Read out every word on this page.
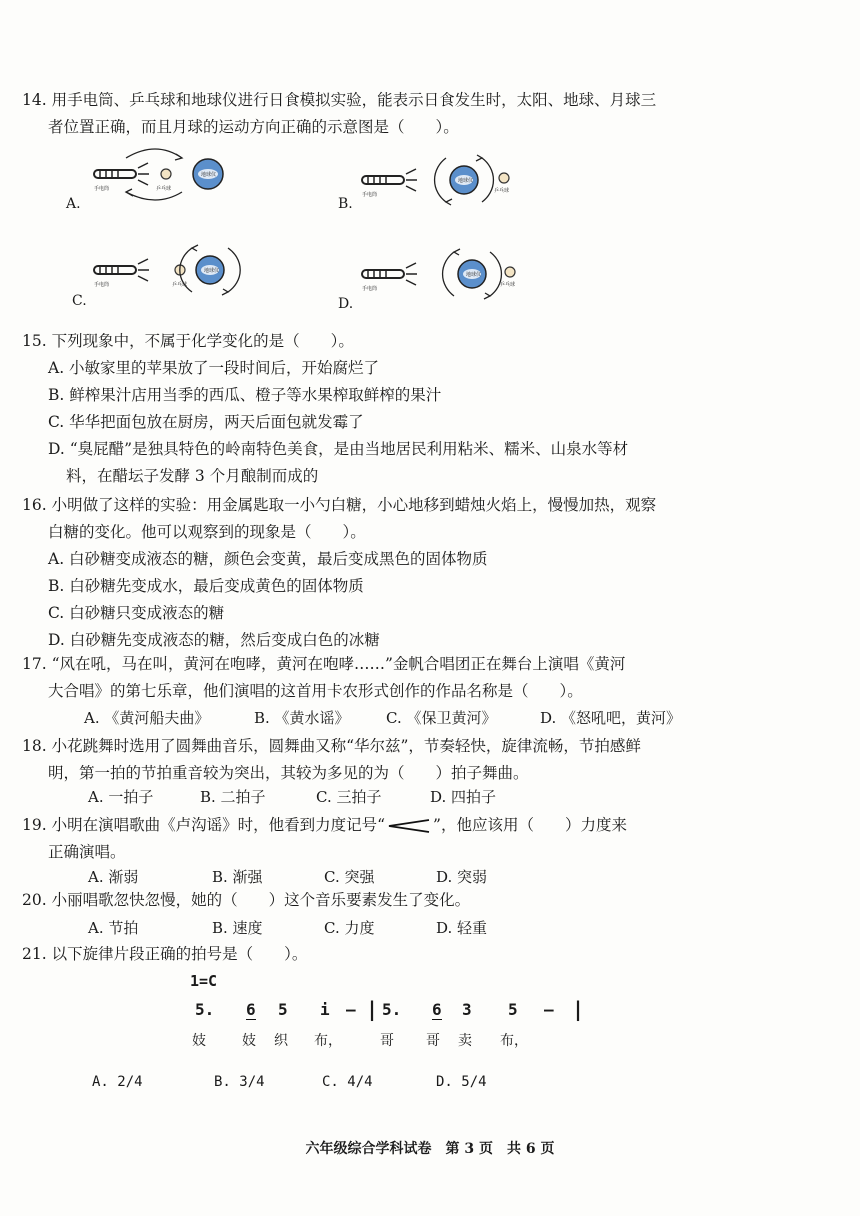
14. 用手电筒、乒乓球和地球仪进行日食模拟实验，能表示日食发生时，太阳、地球、月球三
者位置正确，而且月球的运动方向正确的示意图是（　　）。
地球仪
手电筒	乒乓球
A.
地球仪
手电筒
乒乓球
B.
地球仪
手电筒	乒乓球
C.
地球仪
手电筒
乒乓球
D.
15. 下列现象中，不属于化学变化的是（　　）。
A. 小敏家里的苹果放了一段时间后，开始腐烂了
B. 鲜榨果汁店用当季的西瓜、橙子等水果榨取鲜榨的果汁
C. 华华把面包放在厨房，两天后面包就发霉了
D. “臭屁醋”是独具特色的岭南特色美食，是由当地居民利用粘米、糯米、山泉水等材
料，在醋坛子发酵 3 个月酿制而成的
16. 小明做了这样的实验：用金属匙取一小勺白糖，小心地移到蜡烛火焰上，慢慢加热，观察
白糖的变化。他可以观察到的现象是（　　）。
A. 白砂糖变成液态的糖，颜色会变黄，最后变成黑色的固体物质
B. 白砂糖先变成水，最后变成黄色的固体物质
C. 白砂糖只变成液态的糖
D. 白砂糖先变成液态的糖，然后变成白色的冰糖
17. “风在吼，马在叫，黄河在咆哮，黄河在咆哮……”金帆合唱团正在舞台上演唱《黄河
大合唱》的第七乐章，他们演唱的这首用卡农形式创作的作品名称是（　　）。
A. 《黄河船夫曲》	B. 《黄水谣》 C. 《保卫黄河》	D. 《怒吼吧，黄河》
18. 小花跳舞时选用了圆舞曲音乐，圆舞曲又称“华尔兹”，节奏轻快，旋律流畅，节拍感鲜
明，第一拍的节拍重音较为突出，其较为多见的为（　　）拍子舞曲。
A. 一拍子	B. 二拍子	C. 三拍子	D. 四拍子
19. 小明在演唱歌曲《卢沟谣》时，他看到力度记号“	”，他应该用（　　）力度来
正确演唱。
A. 渐弱	B. 渐强	C. 突强	D. 突弱
20. 小丽唱歌忽快忽慢，她的（　　）这个音乐要素发生了变化。
A. 节拍	B. 速度	C. 力度	D. 轻重
21. 以下旋律片段正确的拍号是（　　）。
1=C
5. 6 5 i – | 5. 6 3 5 – |
妓	妓 织 布，	哥 哥 卖 布，
A. 2/4	B. 3/4	C. 4/4	D. 5/4
六年级综合学科试卷　第 3 页　共 6 页
